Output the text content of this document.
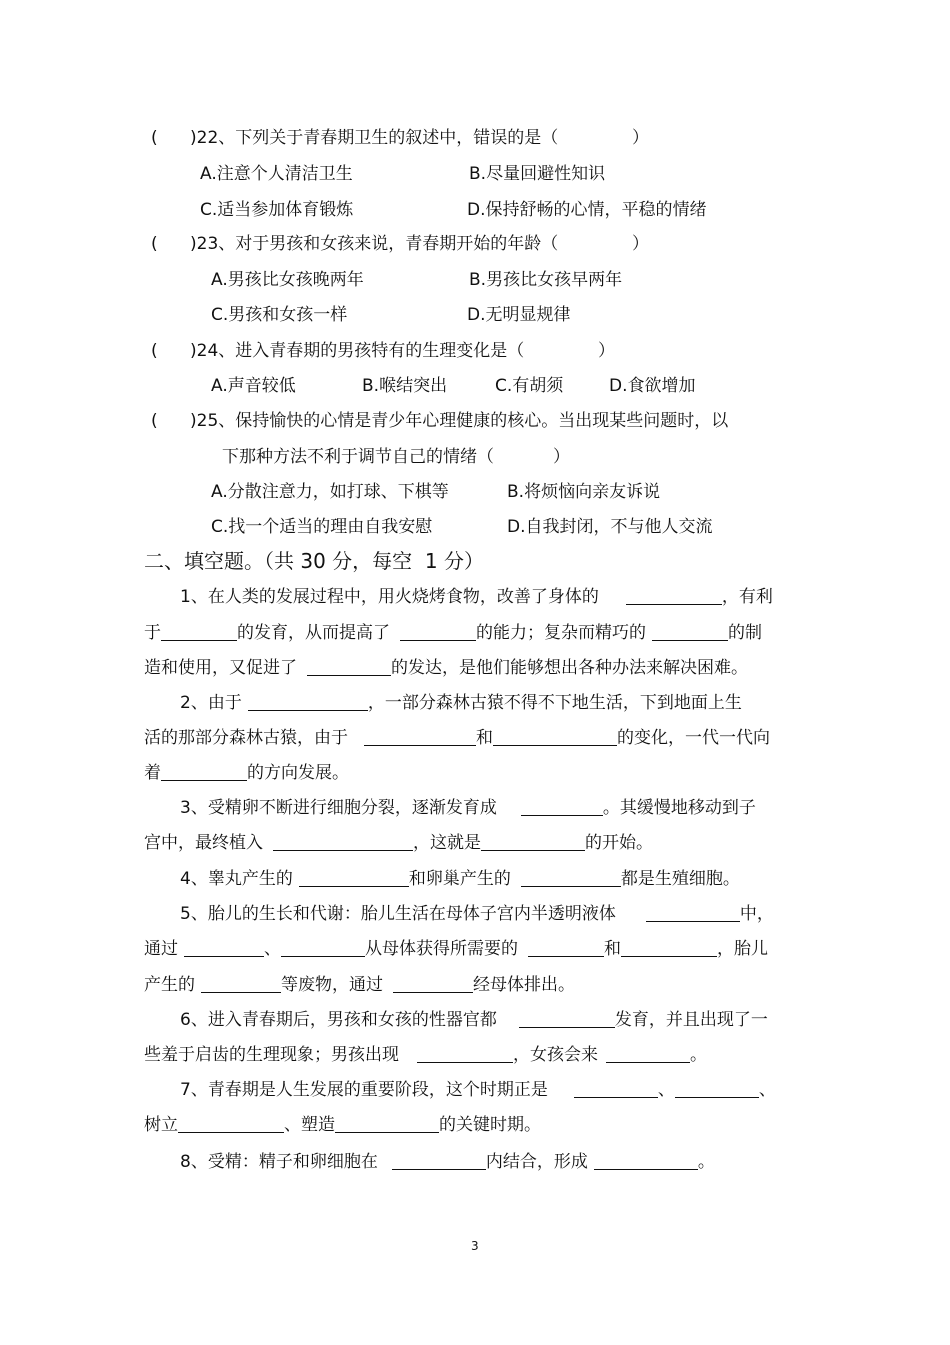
( )22、下列关于青春期卫生的叙述中，错误的是（	）
A.注意个人清洁卫生	B.尽量回避性知识
C.适当参加体育锻炼	D.保持舒畅的心情，平稳的情绪
( )23、对于男孩和女孩来说，青春期开始的年龄（	）
A.男孩比女孩晚两年	B.男孩比女孩早两年
C.男孩和女孩一样	D.无明显规律
( )24、进入青春期的男孩特有的生理变化是（	）
A.声音较低	B.喉结突出	C.有胡须	D.食欲增加
( )25、保持愉快的心情是青少年心理健康的核心。当出现某些问题时，以
下那种方法不利于调节自己的情绪（	）
A.分散注意力，如打球、下棋等	B.将烦恼向亲友诉说
C.找一个适当的理由自我安慰	D.自我封闭，不与他人交流
二、填空题。（共 30 分，每空  1 分）
1、在人类的发展过程中，用火烧烤食物，改善了身体的	，有利
于	的发育，从而提高了	的能力；复杂而精巧的	的制
造和使用，又促进了	的发达，是他们能够想出各种办法来解决困难。
2、由于	，一部分森林古猿不得不下地生活，下到地面上生
活的那部分森林古猿，由于	和	的变化，一代一代向
着	的方向发展。
3、受精卵不断进行细胞分裂，逐渐发育成	。其缓慢地移动到子
宫中，最终植入	，这就是	的开始。
4、睾丸产生的	和卵巢产生的	都是生殖细胞。
5、胎儿的生长和代谢：胎儿生活在母体子宫内半透明液体	中，
通过	、	从母体获得所需要的	和	，胎儿
产生的	等废物，通过	经母体排出。
6、进入青春期后，男孩和女孩的性器官都	发育，并且出现了一
些羞于启齿的生理现象；男孩出现	，女孩会来	。
7、青春期是人生发展的重要阶段，这个时期正是	、	、
树立	、塑造	的关键时期。
8、受精：精子和卵细胞在	内结合，形成	。
3
